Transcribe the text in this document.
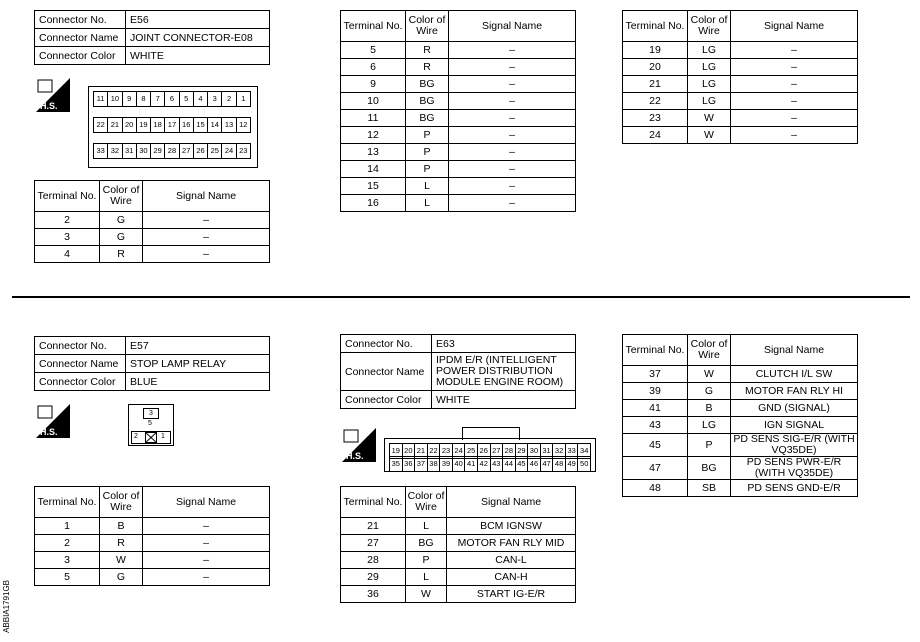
Connector No.	E56
Connector Name	JOINT CONNECTOR-E08
Connector Color	WHITE
H.S.
11 10	9	8	7	6	5	4	3	2	1
22 21 20 19 18 17 16 15 14 13 12
33 32 31 30 29 28 27 26 25 24 23
Terminal No.	Color of Wire	Signal Name
2	G	–
3	G	–
4	R	–
Terminal No.	Color of Wire	Signal Name
5	R	–
6	R	–
9	BG	–
10	BG	–
11	BG	–
12	P	–
13	P	–
14	P	–
15	L	–
16	L	–
Terminal No.	Color of Wire	Signal Name
19	LG	–
20	LG	–
21	LG	–
22	LG	–
23	W	–
24	W	–
Connector No.	E57
Connector Name	STOP LAMP RELAY
Connector Color	BLUE
H.S.
3
5
2	1
Terminal No.	Color of Wire	Signal Name
1	B	–
2	R	–
3	W	–
5	G	–
Connector No.	E63
Connector Name	IPDM E/R (INTELLIGENT POWER DISTRIBUTION MODULE ENGINE ROOM)
Connector Color	WHITE
H.S.
19 20 21 22 23 24 25 26 27 28 29 30 31 32 33 34
35 36 37 38 39 40 41 42 43 44 45 46 47 48 49 50
Terminal No.	Color of Wire	Signal Name
21	L	BCM IGNSW
27	BG	MOTOR FAN RLY MID
28	P	CAN-L
29	L	CAN-H
36	W	START IG-E/R
Terminal No.	Color of Wire	Signal Name
37	W	CLUTCH I/L SW
39	G	MOTOR FAN RLY HI
41	B	GND (SIGNAL)
43	LG	IGN SIGNAL
45	P	PD SENS SIG-E/R (WITH VQ35DE)
47	BG	PD SENS PWR-E/R (WITH VQ35DE)
48	SB	PD SENS GND-E/R
ABBIA1791GB
